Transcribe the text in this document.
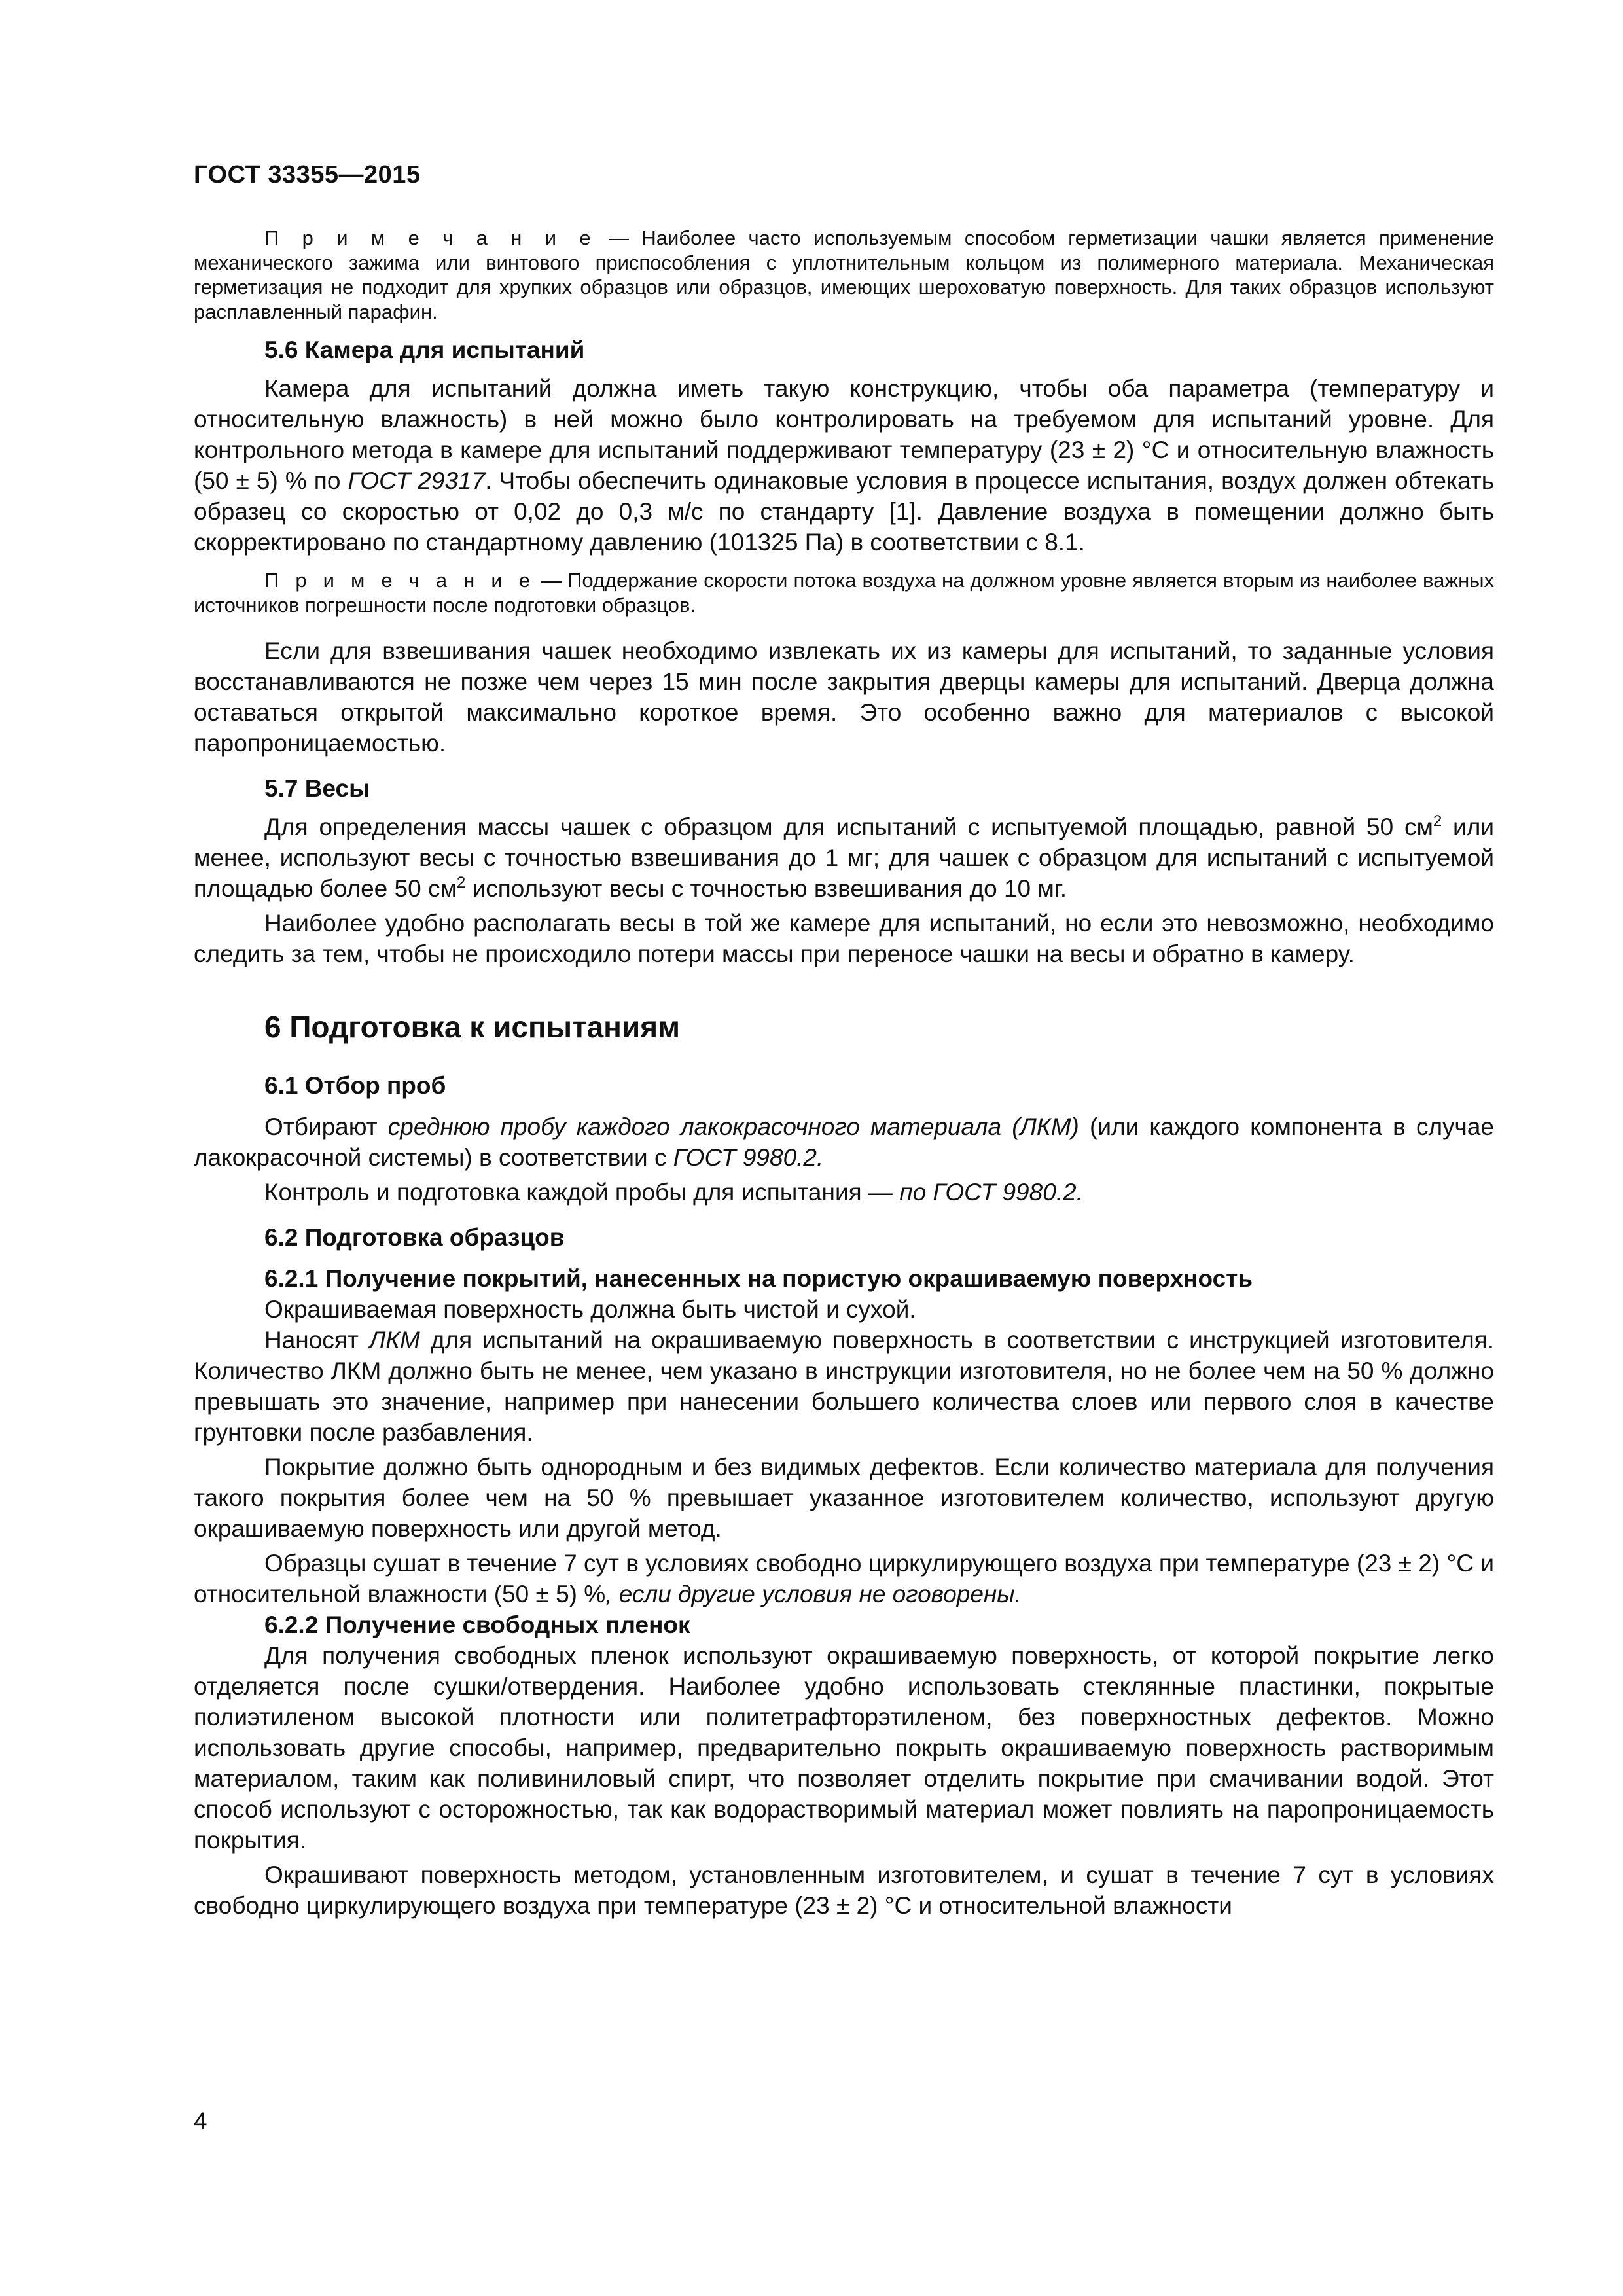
ГОСТ 33355—2015

П р и м е ч а н и е — Наиболее часто используемым способом герметизации чашки является применение механического зажима или винтового приспособления с уплотнительным кольцом из полимерного материала. Механическая герметизация не подходит для хрупких образцов или образцов, имеющих шероховатую поверхность. Для таких образцов используют расплавленный парафин.

5.6 Камера для испытаний

Камера для испытаний должна иметь такую конструкцию, чтобы оба параметра (температуру и относительную влажность) в ней можно было контролировать на требуемом для испытаний уровне. Для контрольного метода в камере для испытаний поддерживают температуру (23 ± 2) °С и относительную влажность (50 ± 5) % по ГОСТ 29317. Чтобы обеспечить одинаковые условия в процессе испытания, воздух должен обтекать образец со скоростью от 0,02 до 0,3 м/с по стандарту [1]. Давление воздуха в помещении должно быть скорректировано по стандартному давлению (101325 Па) в соответствии с 8.1.

П р и м е ч а н и е — Поддержание скорости потока воздуха на должном уровне является вторым из наиболее важных источников погрешности после подготовки образцов.

Если для взвешивания чашек необходимо извлекать их из камеры для испытаний, то заданные условия восстанавливаются не позже чем через 15 мин после закрытия дверцы камеры для испытаний. Дверца должна оставаться открытой максимально короткое время. Это особенно важно для материалов с высокой паропроницаемостью.

5.7 Весы

Для определения массы чашек с образцом для испытаний с испытуемой площадью, равной 50 $см^2$ или менее, используют весы с точностью взвешивания до 1 мг; для чашек с образцом для испытаний с испытуемой площадью более 50 $см^2$ используют весы с точностью взвешивания до 10 мг.

Наиболее удобно располагать весы в той же камере для испытаний, но если это невозможно, необходимо следить за тем, чтобы не происходило потери массы при переносе чашки на весы и обратно в камеру.

6 Подготовка к испытаниям
6.1 Отбор проб

Отбирают среднюю пробу каждого лакокрасочного материала (ЛКМ) (или каждого компонента в случае лакокрасочной системы) в соответствии с ГОСТ 9980.2.

Контроль и подготовка каждой пробы для испытания — по ГОСТ 9980.2.

6.2 Подготовка образцов
6.2.1 Получение покрытий, нанесенных на пористую окрашиваемую поверхность

Окрашиваемая поверхность должна быть чистой и сухой.

Наносят ЛКМ для испытаний на окрашиваемую поверхность в соответствии с инструкцией изготовителя. Количество ЛКМ должно быть не менее, чем указано в инструкции изготовителя, но не более чем на 50 % должно превышать это значение, например при нанесении большего количества слоев или первого слоя в качестве грунтовки после разбавления.

Покрытие должно быть однородным и без видимых дефектов. Если количество материала для получения такого покрытия более чем на 50 % превышает указанное изготовителем количество, используют другую окрашиваемую поверхность или другой метод.

Образцы сушат в течение 7 сут в условиях свободно циркулирующего воздуха при температуре (23 ± 2) °С и относительной влажности (50 ± 5) %, если другие условия не оговорены.

6.2.2 Получение свободных пленок

Для получения свободных пленок используют окрашиваемую поверхность, от которой покрытие легко отделяется после сушки/отвердения. Наиболее удобно использовать стеклянные пластинки, покрытые полиэтиленом высокой плотности или политетрафторэтиленом, без поверхностных дефектов. Можно использовать другие способы, например, предварительно покрыть окрашиваемую поверхность растворимым материалом, таким как поливиниловый спирт, что позволяет отделить покрытие при смачивании водой. Этот способ используют с осторожностью, так как водорастворимый материал может повлиять на паропроницаемость покрытия.

Окрашивают поверхность методом, установленным изготовителем, и сушат в течение 7 сут в условиях свободно циркулирующего воздуха при температуре (23 ± 2) °С и относительной влажности

4
